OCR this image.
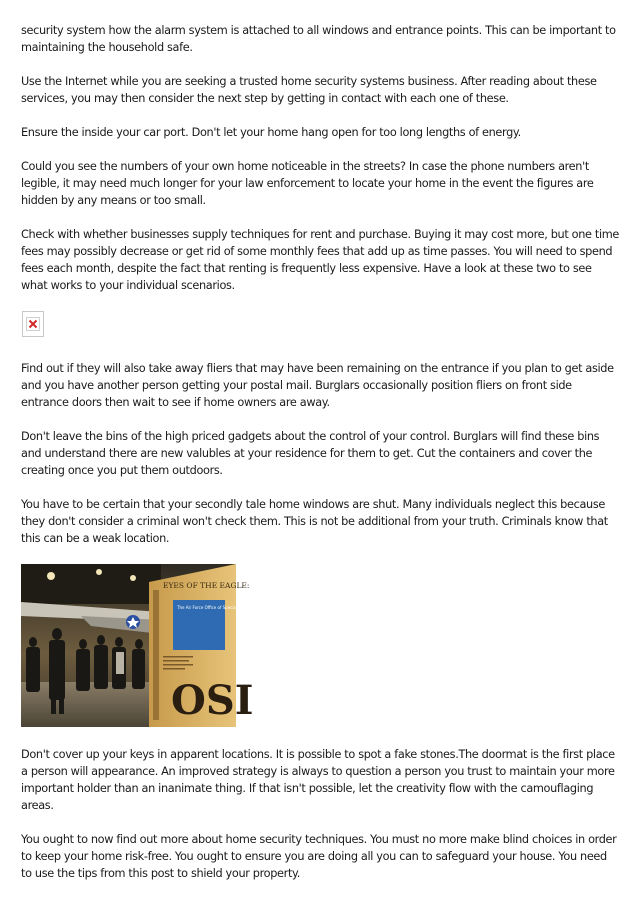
security system how the alarm system is attached to all windows and entrance points. This can be important to maintaining the household safe.

Use the Internet while you are seeking a trusted home security systems business. After reading about these services, you may then consider the next step by getting in contact with each one of these.

Ensure the inside your car port. Don't let your home hang open for too long lengths of energy.

Could you see the numbers of your own home noticeable in the streets? In case the phone numbers aren't legible, it may need much longer for your law enforcement to locate your home in the event the figures are hidden by any means or too small.

Check with whether businesses supply techniques for rent and purchase. Buying it may cost more, but one time fees may possibly decrease or get rid of some monthly fees that add up as time passes. You will need to spend fees each month, despite the fact that renting is frequently less expensive. Have a look at these two to see what works to your individual scenarios.

Find out if they will also take away fliers that may have been remaining on the entrance if you plan to get aside and you have another person getting your postal mail. Burglars occasionally position fliers on front side entrance doors then wait to see if home owners are away.

Don't leave the bins of the high priced gadgets about the control of your control. Burglars will find these bins and understand there are new valubles at your residence for them to get. Cut the containers and cover the creating once you put them outdoors.

You have to be certain that your secondly tale home windows are shut. Many individuals neglect this because they don't consider a criminal won't check them. This is not be additional from your truth. Criminals know that this can be a weak location.

EYES OF THE EAGLE:
The Air Force Office of Special Investigations
OSI

Don't cover up your keys in apparent locations. It is possible to spot a fake stones.The doormat is the first place a person will appearance. An improved strategy is always to question a person you trust to maintain your more important holder than an inanimate thing. If that isn't possible, let the creativity flow with the camouflaging areas.

You ought to now find out more about home security techniques. You must no more make blind choices in order to keep your home risk-free. You ought to ensure you are doing all you can to safeguard your house. You need to use the tips from this post to shield your property.
